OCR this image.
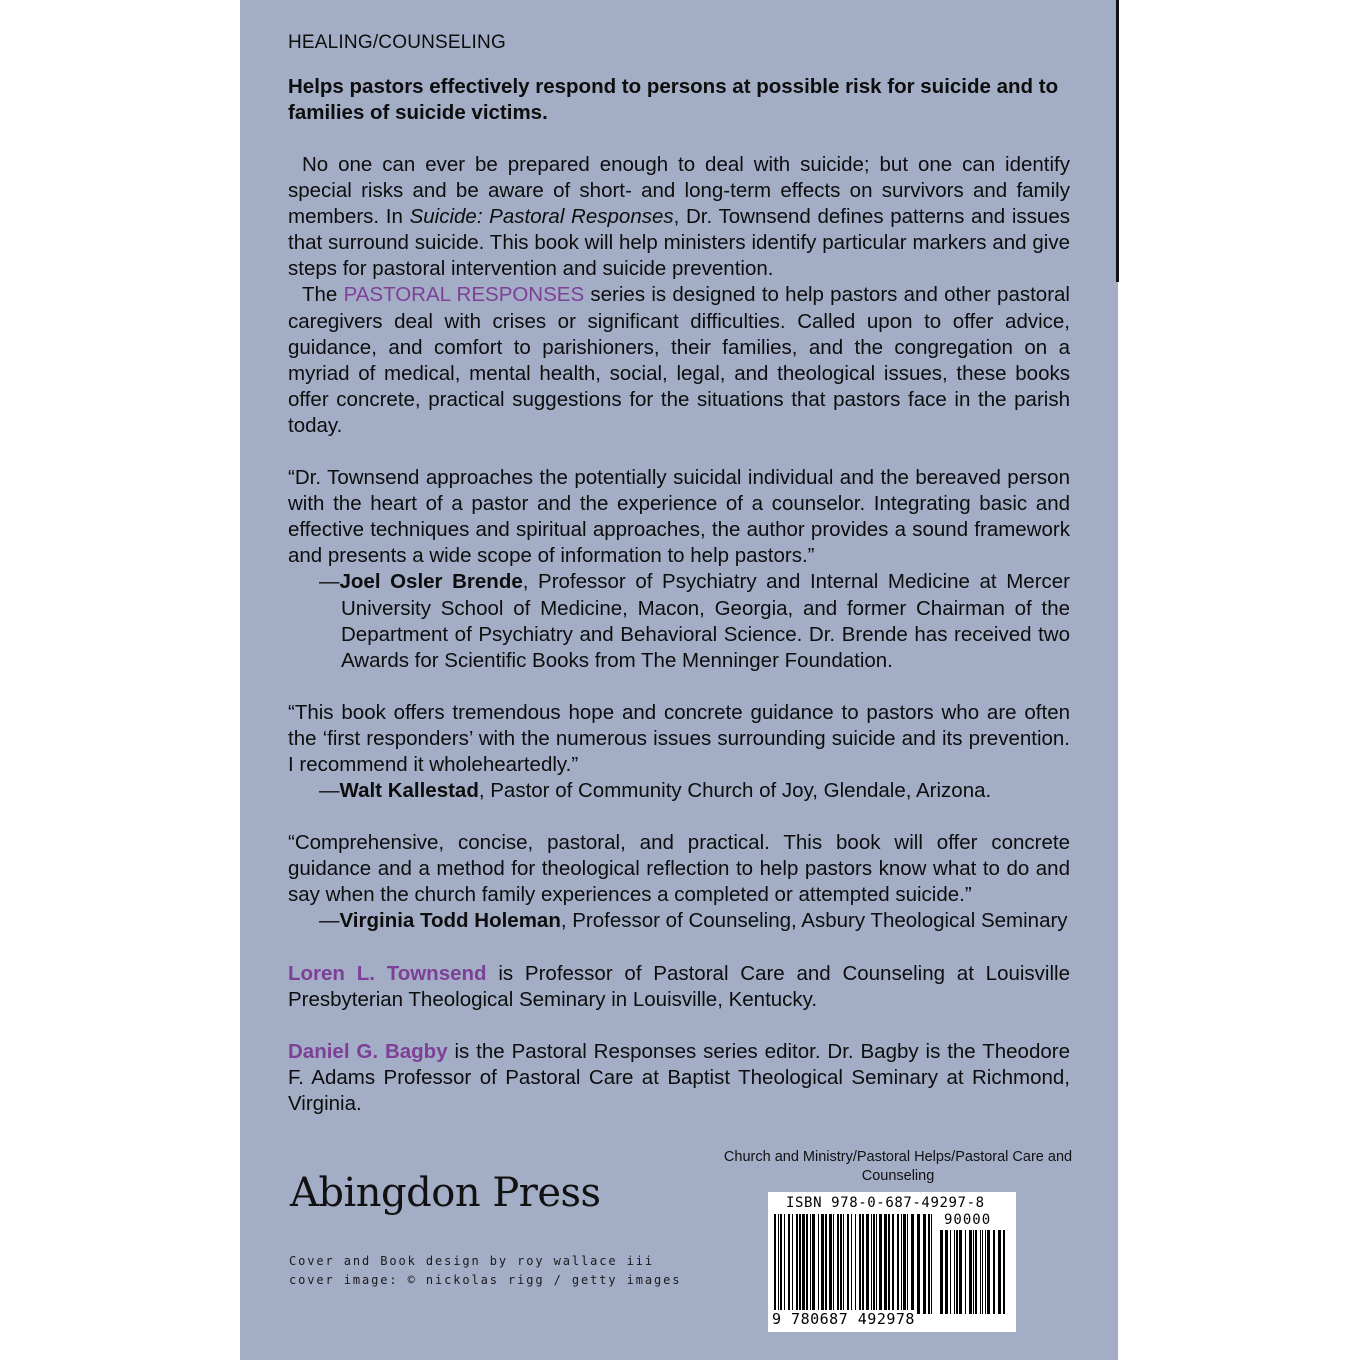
HEALING/COUNSELING
Helps pastors effectively respond to persons at possible risk for suicide and to families of suicide victims.

No one can ever be prepared enough to deal with suicide; but one can identify special risks and be aware of short- and long-term effects on survivors and family members. In Suicide: Pastoral Responses, Dr. Townsend defines patterns and issues that surround suicide. This book will help ministers identify particular markers and give steps for pastoral intervention and suicide prevention.

The PASTORAL RESPONSES series is designed to help pastors and other pastoral caregivers deal with crises or significant difficulties. Called upon to offer advice, guidance, and comfort to parishioners, their families, and the congregation on a myriad of medical, mental health, social, legal, and theological issues, these books offer concrete, practical suggestions for the situations that pastors face in the parish today.

“Dr. Townsend approaches the potentially suicidal individual and the bereaved person with the heart of a pastor and the experience of a counselor. Integrating basic and effective techniques and spiritual approaches, the author provides a sound framework and presents a wide scope of information to help pastors.”

—Joel Osler Brende, Professor of Psychiatry and Internal Medicine at Mercer University School of Medicine, Macon, Georgia, and former Chairman of the Department of Psychiatry and Behavioral Science. Dr. Brende has received two Awards for Scientific Books from The Menninger Foundation.

“This book offers tremendous hope and concrete guidance to pastors who are often the ‘first responders’ with the numerous issues surrounding suicide and its prevention. I recommend it wholeheartedly.”

—Walt Kallestad, Pastor of Community Church of Joy, Glendale, Arizona.

“Comprehensive, concise, pastoral, and practical. This book will offer concrete guidance and a method for theological reflection to help pastors know what to do and say when the church family experiences a completed or attempted suicide.”

—Virginia Todd Holeman, Professor of Counseling, Asbury Theological Seminary

Loren L. Townsend is Professor of Pastoral Care and Counseling at Louisville Presbyterian Theological Seminary in Louisville, Kentucky.

Daniel G. Bagby is the Pastoral Responses series editor. Dr. Bagby is the Theodore F. Adams Professor of Pastoral Care at Baptist Theological Seminary at Richmond, Virginia.

Church and Ministry/Pastoral Helps/Pastoral Care and Counseling
Abingdon Press
Cover and Book design by roy wallace iii
cover image: © nickolas rigg / getty images
ISBN 978-0-687-49297-8
90000
9 780687 492978
